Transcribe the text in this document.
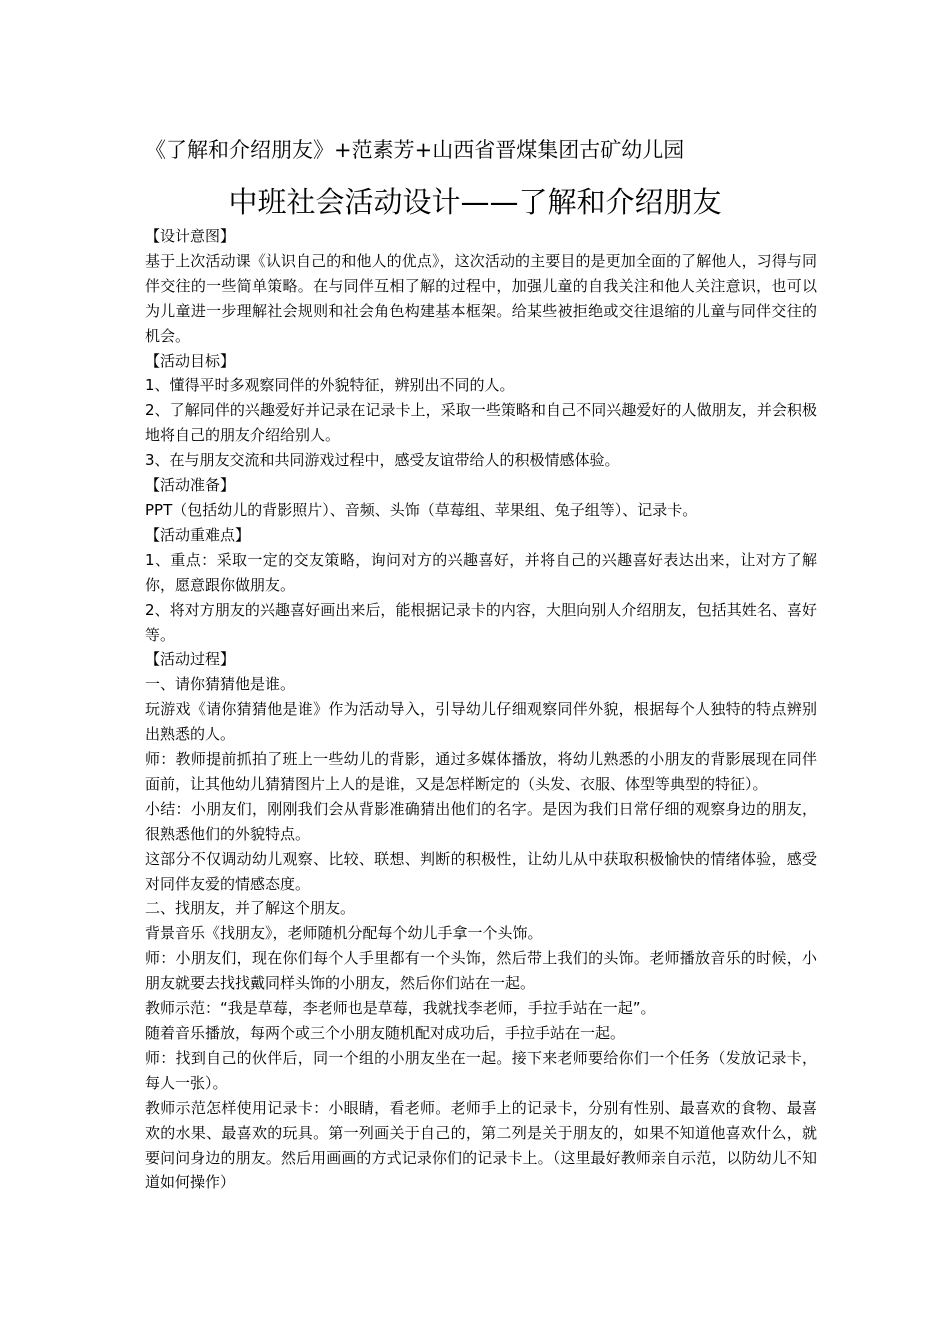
《了解和介绍朋友》+范素芳+山西省晋煤集团古矿幼儿园
中班社会活动设计——了解和介绍朋友

【设计意图】

基于上次活动课《认识自己的和他人的优点》，这次活动的主要目的是更加全面的了解他人，习得与同伴交往的一些简单策略。在与同伴互相了解的过程中，加强儿童的自我关注和他人关注意识，也可以为儿童进一步理解社会规则和社会角色构建基本框架。给某些被拒绝或交往退缩的儿童与同伴交往的机会。

【活动目标】

1、懂得平时多观察同伴的外貌特征，辨别出不同的人。

2、了解同伴的兴趣爱好并记录在记录卡上，采取一些策略和自己不同兴趣爱好的人做朋友，并会积极地将自己的朋友介绍给别人。

3、在与朋友交流和共同游戏过程中，感受友谊带给人的积极情感体验。

【活动准备】

PPT（包括幼儿的背影照片）、音频、头饰（草莓组、苹果组、兔子组等）、记录卡。

【活动重难点】

1、重点：采取一定的交友策略，询问对方的兴趣喜好，并将自己的兴趣喜好表达出来，让对方了解你，愿意跟你做朋友。

2、将对方朋友的兴趣喜好画出来后，能根据记录卡的内容，大胆向别人介绍朋友，包括其姓名、喜好等。

【活动过程】

一、请你猜猜他是谁。

玩游戏《请你猜猜他是谁》作为活动导入，引导幼儿仔细观察同伴外貌，根据每个人独特的特点辨别出熟悉的人。

师：教师提前抓拍了班上一些幼儿的背影，通过多媒体播放，将幼儿熟悉的小朋友的背影展现在同伴面前，让其他幼儿猜猜图片上人的是谁，又是怎样断定的（头发、衣服、体型等典型的特征）。

小结：小朋友们，刚刚我们会从背影准确猜出他们的名字。是因为我们日常仔细的观察身边的朋友，很熟悉他们的外貌特点。

这部分不仅调动幼儿观察、比较、联想、判断的积极性，让幼儿从中获取积极愉快的情绪体验，感受对同伴友爱的情感态度。

二、找朋友，并了解这个朋友。

背景音乐《找朋友》，老师随机分配每个幼儿手拿一个头饰。

师：小朋友们，现在你们每个人手里都有一个头饰，然后带上我们的头饰。老师播放音乐的时候，小朋友就要去找找戴同样头饰的小朋友，然后你们站在一起。

教师示范：“我是草莓，李老师也是草莓，我就找李老师，手拉手站在一起”。

随着音乐播放，每两个或三个小朋友随机配对成功后，手拉手站在一起。

师：找到自己的伙伴后，同一个组的小朋友坐在一起。接下来老师要给你们一个任务（发放记录卡，每人一张）。

教师示范怎样使用记录卡：小眼睛，看老师。老师手上的记录卡，分别有性别、最喜欢的食物、最喜欢的水果、最喜欢的玩具。第一列画关于自己的，第二列是关于朋友的，如果不知道他喜欢什么，就要问问身边的朋友。然后用画画的方式记录你们的记录卡上。（这里最好教师亲自示范，以防幼儿不知道如何操作）
